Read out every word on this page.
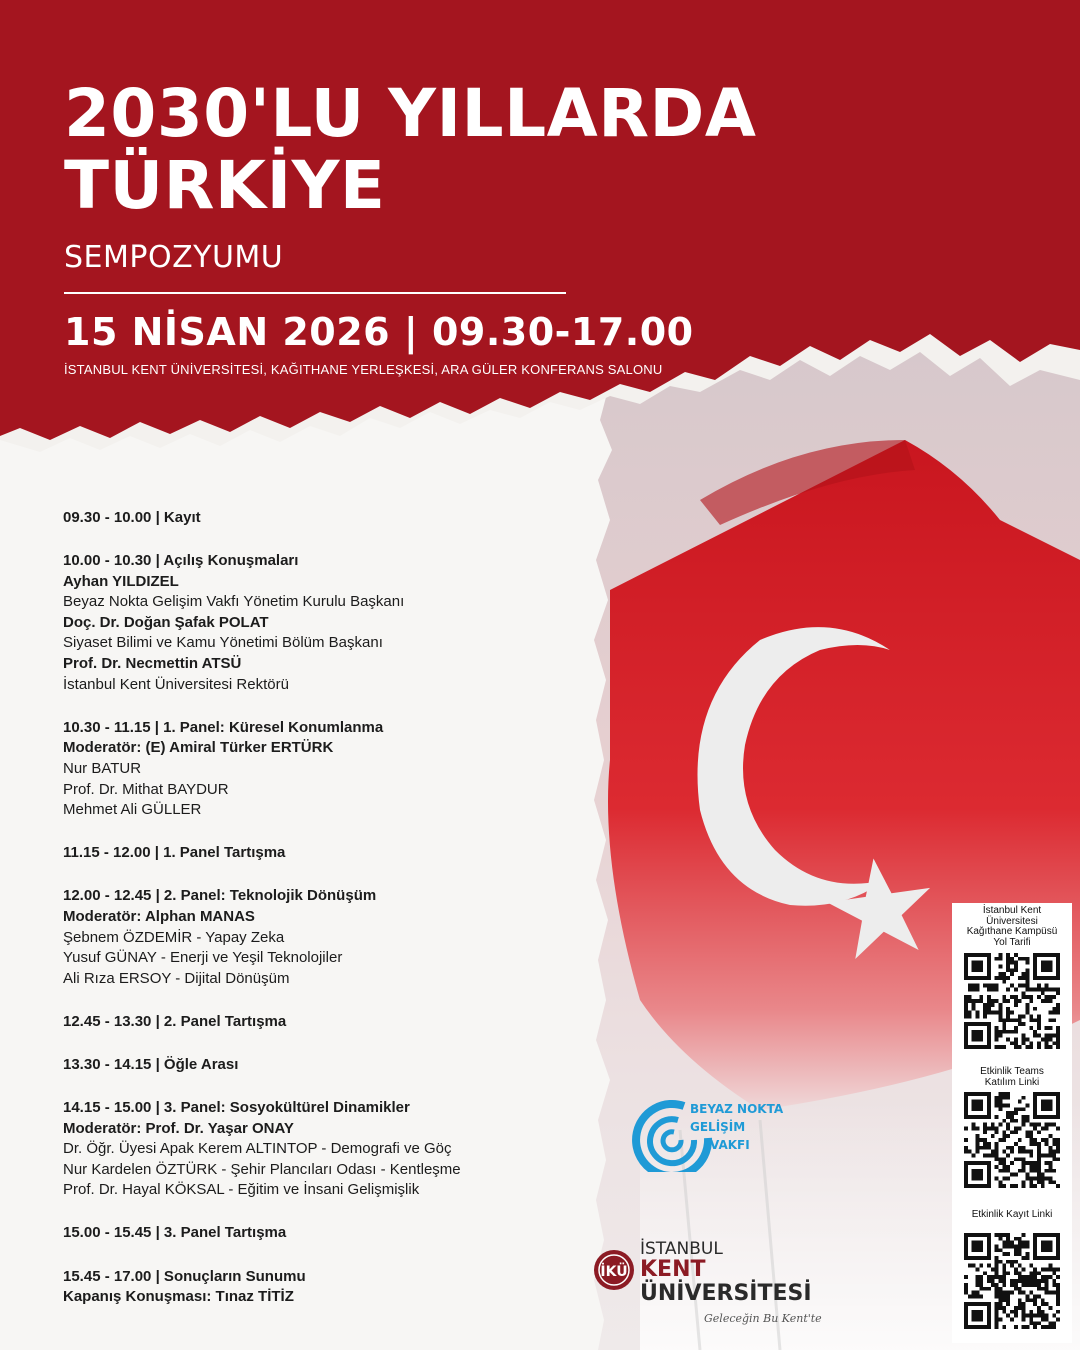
2030'LU YILLARDA
TÜRKİYE
SEMPOZYUMU
15 NİSAN 2026 | 09.30-17.00
İSTANBUL KENT ÜNİVERSİTESİ, KAĞITHANE YERLEŞKESİ, ARA GÜLER KONFERANS SALONU
09.30 - 10.00 | Kayıt
10.00 - 10.30 | Açılış Konuşmaları
Ayhan YILDIZEL
Beyaz Nokta Gelişim Vakfı Yönetim Kurulu Başkanı
Doç. Dr. Doğan Şafak POLAT
Siyaset Bilimi ve Kamu Yönetimi Bölüm Başkanı
Prof. Dr. Necmettin ATSÜ
İstanbul Kent Üniversitesi Rektörü
10.30 - 11.15 | 1. Panel: Küresel Konumlanma
Moderatör: (E) Amiral Türker ERTÜRK
Nur BATUR
Prof. Dr. Mithat BAYDUR
Mehmet Ali GÜLLER
11.15 - 12.00 | 1. Panel Tartışma
12.00 - 12.45 | 2. Panel: Teknolojik Dönüşüm
Moderatör: Alphan MANAS
Şebnem ÖZDEMİR - Yapay Zeka
Yusuf GÜNAY - Enerji ve Yeşil Teknolojiler
Ali Rıza ERSOY - Dijital Dönüşüm
12.45 - 13.30 | 2. Panel Tartışma
13.30 - 14.15 | Öğle Arası
14.15 - 15.00 | 3. Panel: Sosyokültürel Dinamikler
Moderatör: Prof. Dr. Yaşar ONAY
Dr. Öğr. Üyesi Apak Kerem ALTINTOP - Demografi ve Göç
Nur Kardelen ÖZTÜRK - Şehir Plancıları Odası - Kentleşme
Prof. Dr. Hayal KÖKSAL - Eğitim ve İnsani Gelişmişlik
15.00 - 15.45 | 3. Panel Tartışma
15.45 - 17.00 | Sonuçların Sunumu
Kapanış Konuşması: Tınaz TİTİZ
BEYAZ NOKTA
GELİŞİM
VAKFI
İKÜ
İSTANBUL
KENT
ÜNİVERSİTESİ
Geleceğin Bu Kent'te
İstanbul Kent
Üniversitesi
Kağıthane Kampüsü
Yol Tarifi
Etkinlik Teams
Katılım Linki
Etkinlik Kayıt Linki
